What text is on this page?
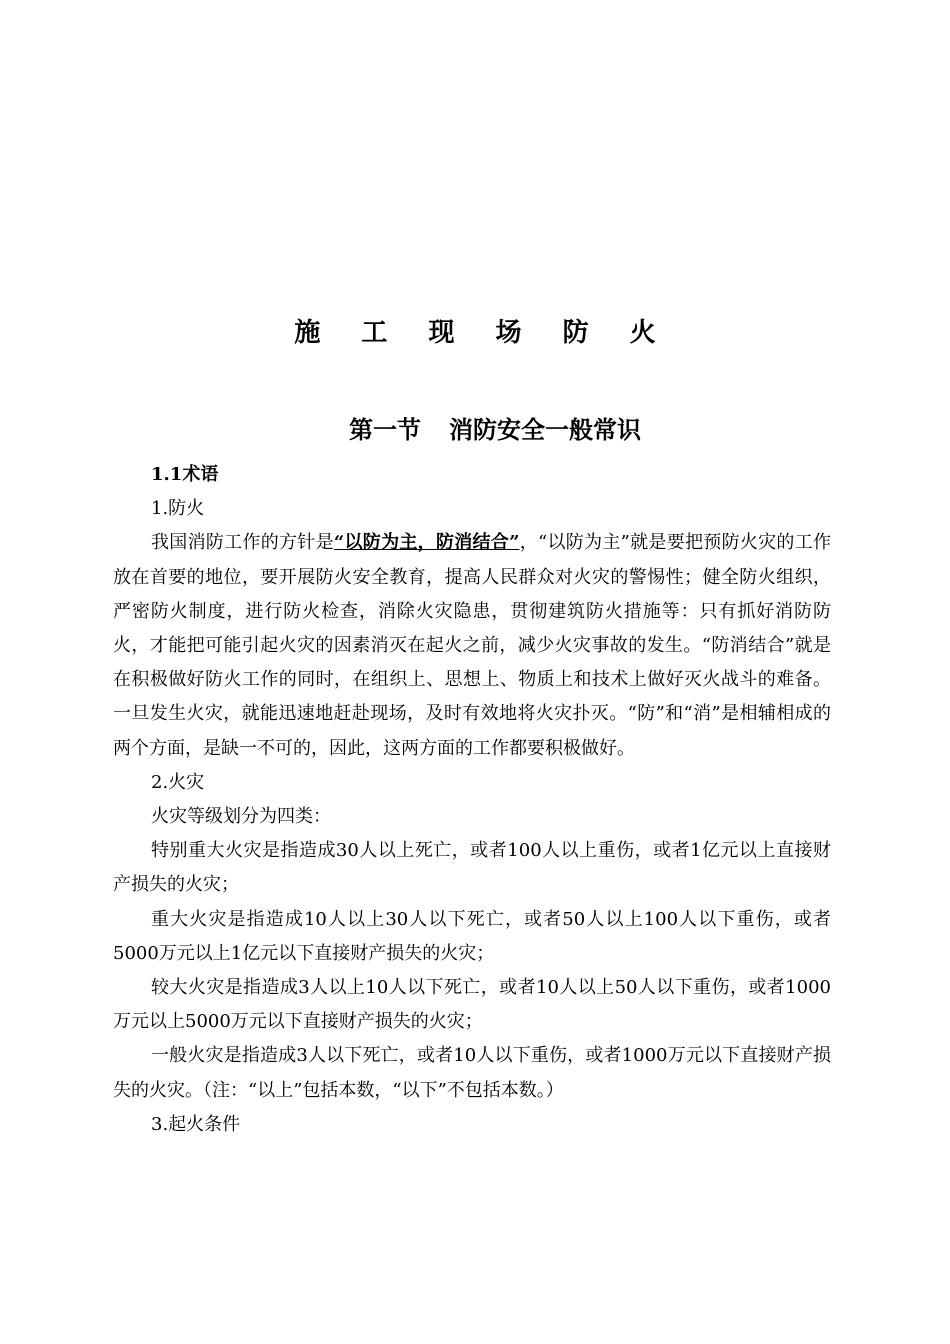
施 工 现 场 防 火
第一节 消防安全一般常识

1.1术语

1.防火

我国消防工作的方针是“以防为主，防消结合”，“以防为主”就是要把预防火灾的工作放在首要的地位，要开展防火安全教育，提高人民群众对火灾的警惕性；健全防火组织，严密防火制度，进行防火检查，消除火灾隐患，贯彻建筑防火措施等：只有抓好消防防火，才能把可能引起火灾的因素消灭在起火之前，减少火灾事故的发生。“防消结合”就是在积极做好防火工作的同时，在组织上、思想上、物质上和技术上做好灭火战斗的难备。一旦发生火灾，就能迅速地赶赴现场，及时有效地将火灾扑灭。“防”和“消”是相辅相成的两个方面，是缺一不可的，因此，这两方面的工作都要积极做好。

2.火灾

火灾等级划分为四类：

特别重大火灾是指造成30人以上死亡，或者100人以上重伤，或者1亿元以上直接财产损失的火灾；

重大火灾是指造成10人以上30人以下死亡，或者50人以上100人以下重伤，或者5000万元以上1亿元以下直接财产损失的火灾；

较大火灾是指造成3人以上10人以下死亡，或者10人以上50人以下重伤，或者1000万元以上5000万元以下直接财产损失的火灾；

一般火灾是指造成3人以下死亡，或者10人以下重伤，或者1000万元以下直接财产损失的火灾。（注：“以上”包括本数，“以下”不包括本数。）

3.起火条件
